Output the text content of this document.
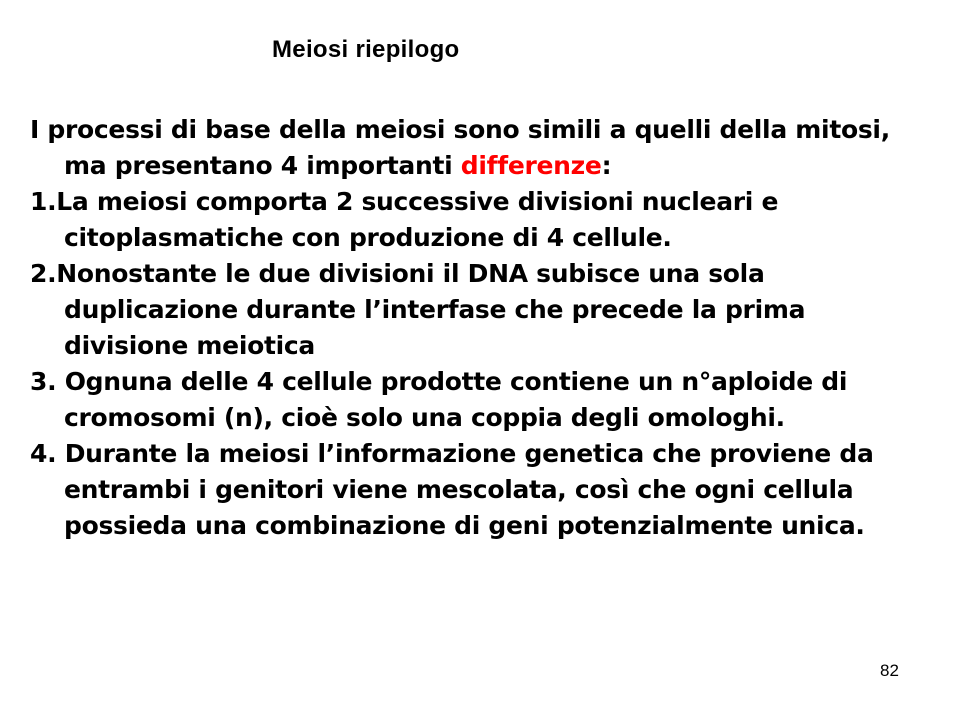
Meiosi riepilogo

I processi di base della meiosi sono simili a quelli della mitosi, ma presentano 4 importanti differenze:

1.La meiosi comporta 2 successive divisioni nucleari e citoplasmatiche con produzione di 4 cellule.

2.Nonostante le due divisioni il DNA subisce una sola duplicazione durante l’interfase che precede la prima divisione meiotica

3. Ognuna delle 4 cellule prodotte contiene un n°aploide di cromosomi (n), cioè solo una coppia degli omologhi.

4. Durante la meiosi l’informazione genetica che proviene da entrambi i genitori viene mescolata, così che ogni cellula possieda una combinazione di geni potenzialmente unica.

82
